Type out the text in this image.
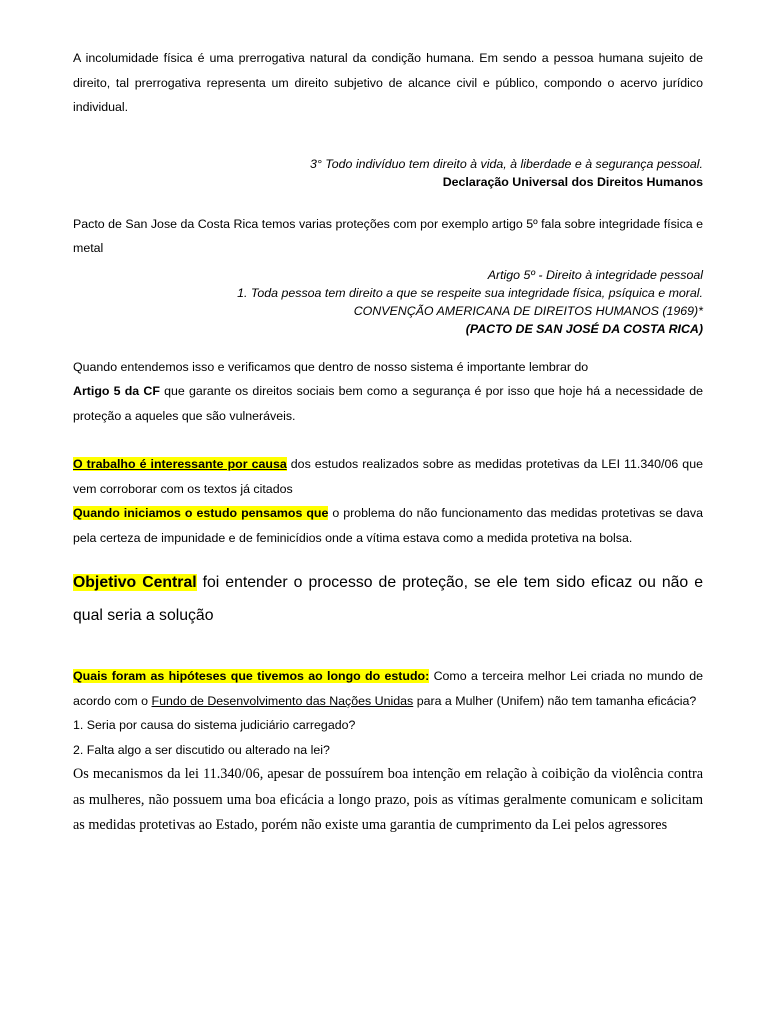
A incolumidade física é uma prerrogativa natural da condição humana. Em sendo a pessoa humana sujeito de direito, tal prerrogativa representa um direito subjetivo de alcance civil e público, compondo o acervo jurídico individual.

3° Todo indivíduo tem direito à vida, à liberdade e à segurança pessoal.

Declaração Universal dos Direitos Humanos

Pacto de San Jose da Costa Rica temos varias proteções com por exemplo artigo 5º fala sobre integridade física e metal

Artigo 5º - Direito à integridade pessoal

1. Toda pessoa tem direito a que se respeite sua integridade física, psíquica e moral.

CONVENÇÃO AMERICANA DE DIREITOS HUMANOS (1969)*

(PACTO DE SAN JOSÉ DA COSTA RICA)

Quando entendemos isso e verificamos que dentro de nosso sistema é importante lembrar do

Artigo 5 da CF que garante os direitos sociais bem como a segurança é por isso que hoje há a necessidade de proteção a aqueles que são vulneráveis.

O trabalho é interessante por causa dos estudos realizados sobre as medidas protetivas da LEI 11.340/06 que vem corroborar com os textos já citados

Quando iniciamos o estudo pensamos que o problema do não funcionamento das medidas protetivas se dava pela certeza de impunidade e de feminicídios onde a vítima estava como a medida protetiva na bolsa.

Objetivo Central foi entender o processo de proteção, se ele tem sido eficaz ou não e qual seria a solução

Quais foram as hipóteses que tivemos ao longo do estudo: Como a terceira melhor Lei criada no mundo de acordo com o Fundo de Desenvolvimento das Nações Unidas para a Mulher (Unifem) não tem tamanha eficácia?

1. Seria por causa do sistema judiciário carregado?

2. Falta algo a ser discutido ou alterado na lei?

Os mecanismos da lei 11.340/06, apesar de possuírem boa intenção em relação à coibição da violência contra as mulheres, não possuem uma boa eficácia a longo prazo, pois as vítimas geralmente comunicam e solicitam as medidas protetivas ao Estado, porém não existe uma garantia de cumprimento da Lei pelos agressores
